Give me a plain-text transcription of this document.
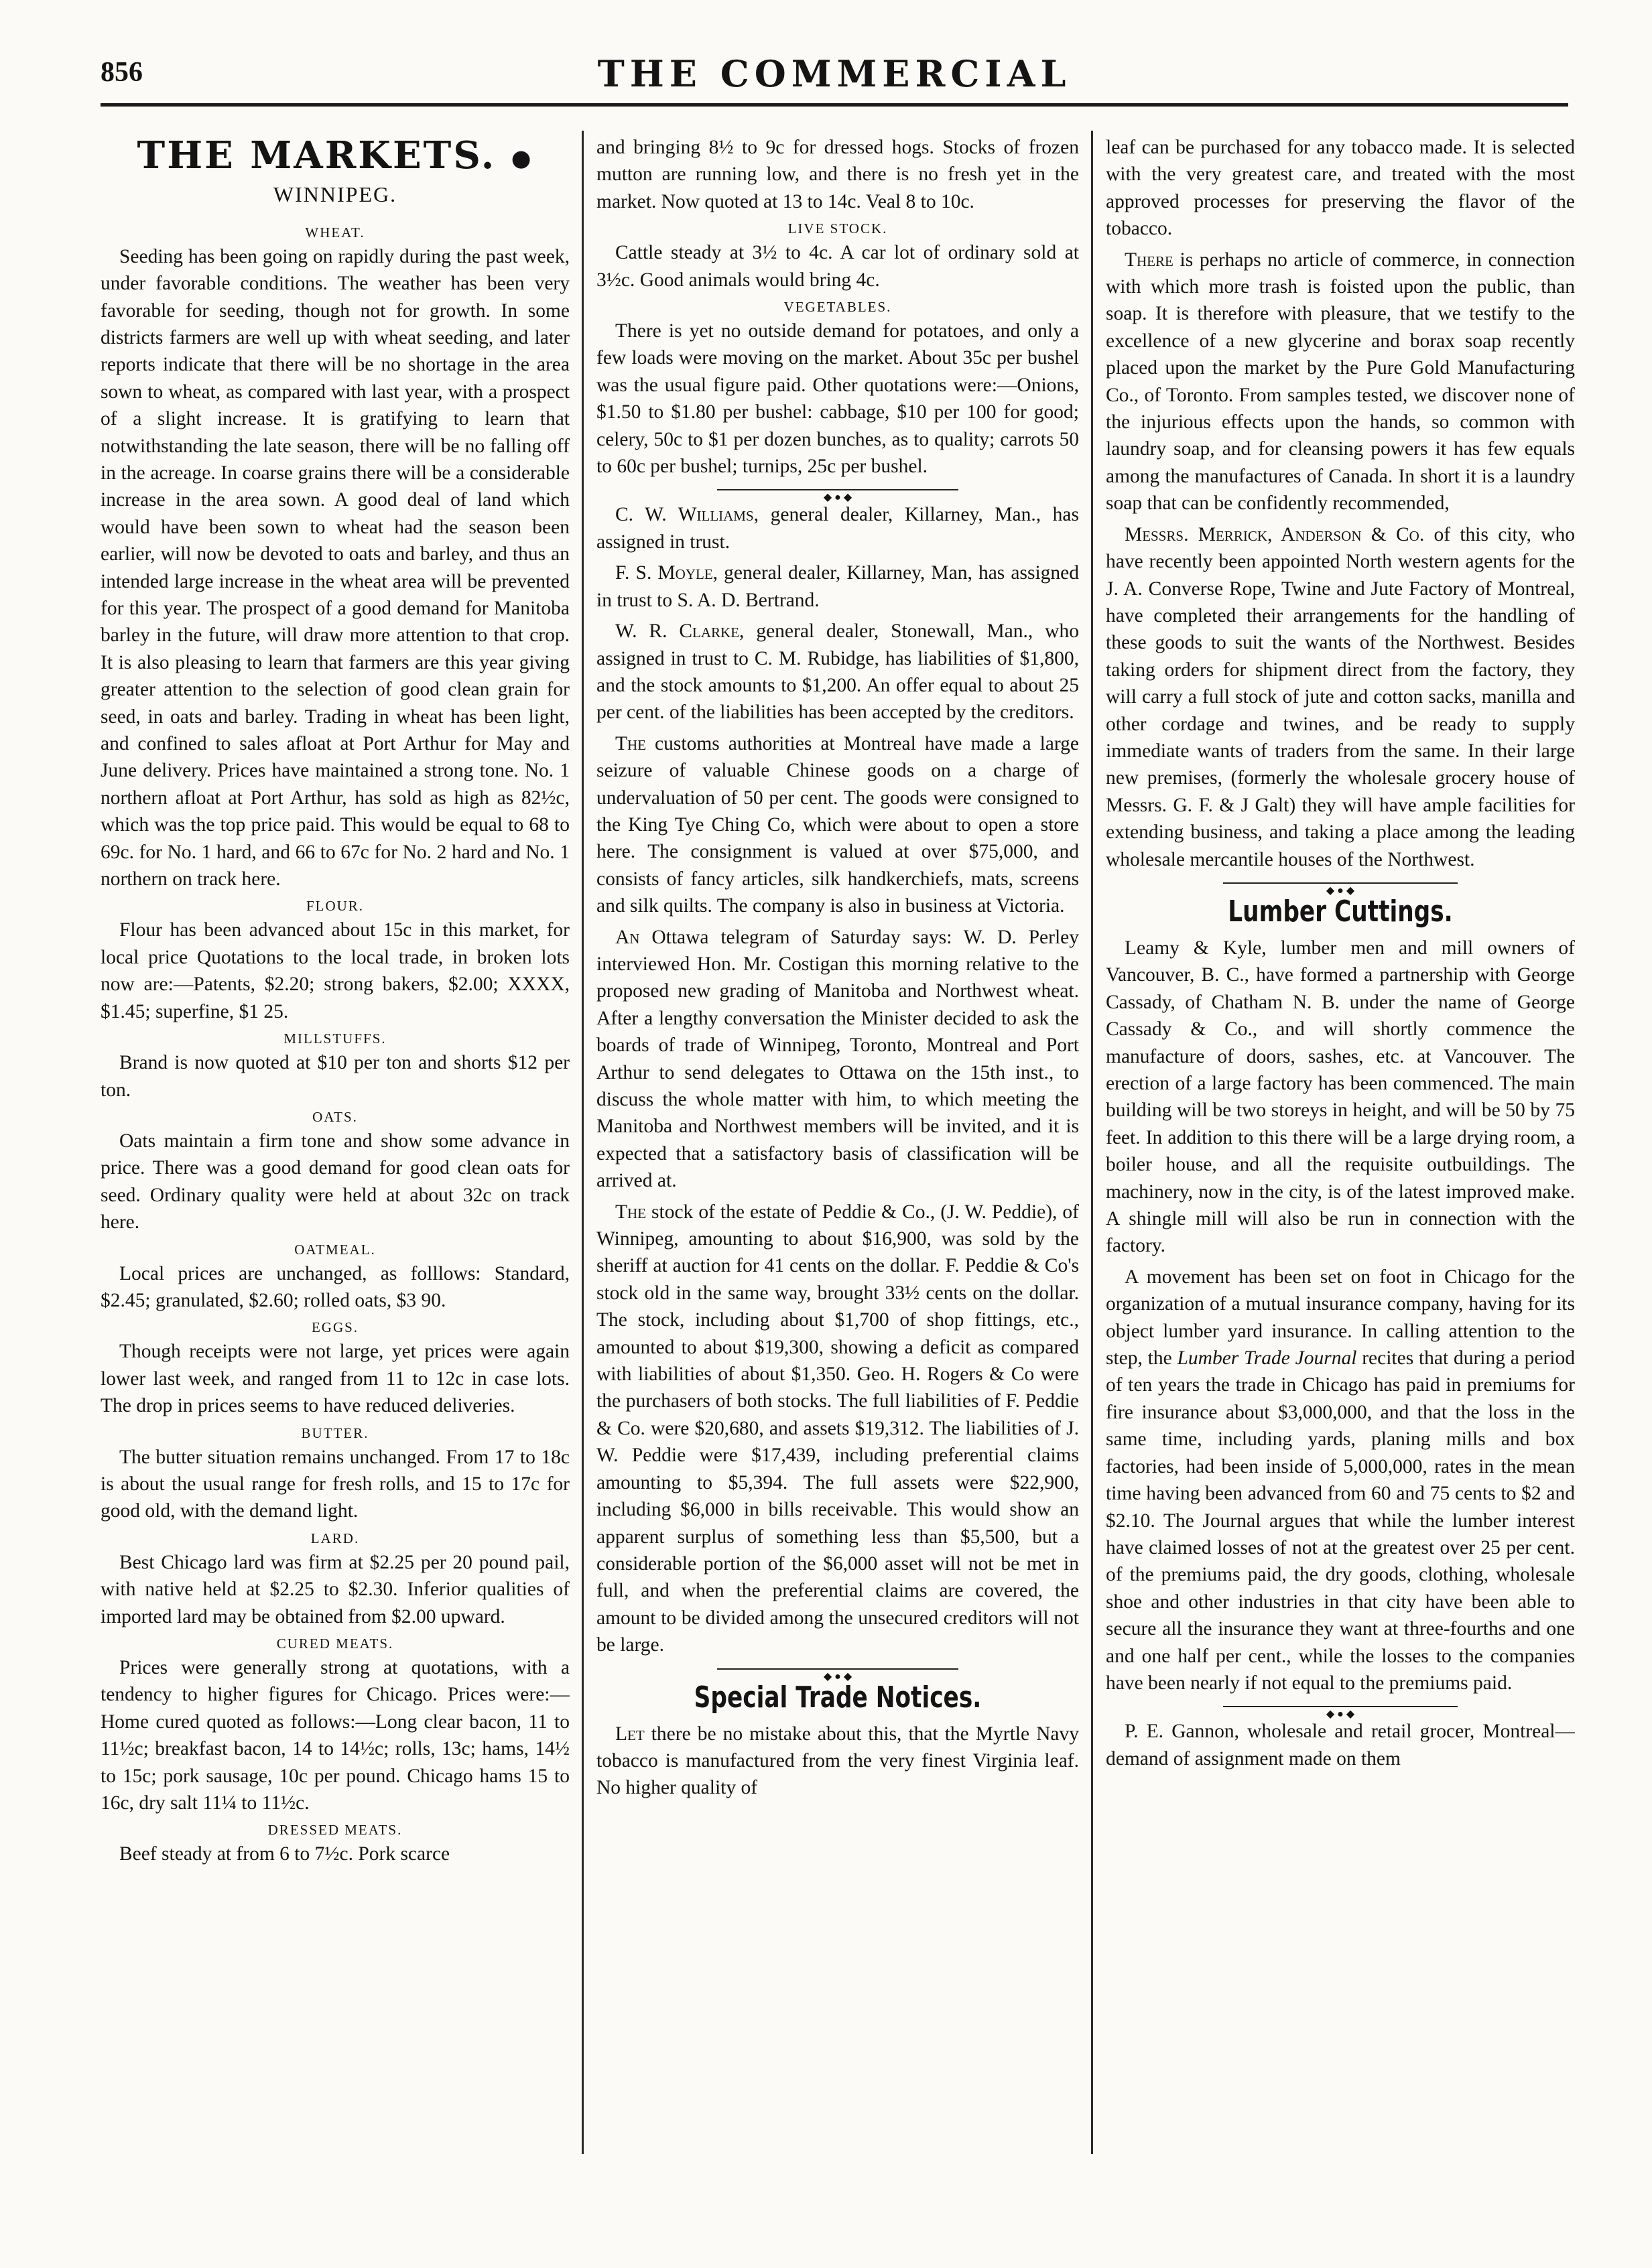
856	THE COMMERCIAL
THE MARKETS. ●
WINNIPEG.
WHEAT.

Seeding has been going on rapidly during the past week, under favorable conditions. The weather has been very favorable for seeding, though not for growth. In some districts farmers are well up with wheat seeding, and later reports indicate that there will be no shortage in the area sown to wheat, as compared with last year, with a prospect of a slight increase. It is gratifying to learn that notwithstanding the late season, there will be no falling off in the acreage. In coarse grains there will be a considerable increase in the area sown. A good deal of land which would have been sown to wheat had the season been earlier, will now be devoted to oats and barley, and thus an intended large increase in the wheat area will be prevented for this year. The prospect of a good demand for Manitoba barley in the future, will draw more attention to that crop. It is also pleasing to learn that farmers are this year giving greater attention to the selection of good clean grain for seed, in oats and barley. Trading in wheat has been light, and confined to sales afloat at Port Arthur for May and June delivery. Prices have maintained a strong tone. No. 1 northern afloat at Port Arthur, has sold as high as 82½c, which was the top price paid. This would be equal to 68 to 69c. for No. 1 hard, and 66 to 67c for No. 2 hard and No. 1 northern on track here.

FLOUR.

Flour has been advanced about 15c in this market, for local price Quotations to the local trade, in broken lots now are:—Patents, $2.20; strong bakers, $2.00; XXXX, $1.45; superfine, $1 25.

MILLSTUFFS.

Brand is now quoted at $10 per ton and shorts $12 per ton.

OATS.

Oats maintain a firm tone and show some advance in price. There was a good demand for good clean oats for seed. Ordinary quality were held at about 32c on track here.

OATMEAL.

Local prices are unchanged, as folllows: Standard, $2.45; granulated, $2.60; rolled oats, $3 90.

EGGS.

Though receipts were not large, yet prices were again lower last week, and ranged from 11 to 12c in case lots. The drop in prices seems to have reduced deliveries.

BUTTER.

The butter situation remains unchanged. From 17 to 18c is about the usual range for fresh rolls, and 15 to 17c for good old, with the demand light.

LARD.

Best Chicago lard was firm at $2.25 per 20 pound pail, with native held at $2.25 to $2.30. Inferior qualities of imported lard may be obtained from $2.00 upward.

CURED MEATS.

Prices were generally strong at quotations, with a tendency to higher figures for Chicago. Prices were:—Home cured quoted as follows:—Long clear bacon, 11 to 11½c; breakfast bacon, 14 to 14½c; rolls, 13c; hams, 14½ to 15c; pork sausage, 10c per pound. Chicago hams 15 to 16c, dry salt 11¼ to 11½c.

DRESSED MEATS.

Beef steady at from 6 to 7½c. Pork scarce

and bringing 8½ to 9c for dressed hogs. Stocks of frozen mutton are running low, and there is no fresh yet in the market. Now quoted at 13 to 14c. Veal 8 to 10c.

LIVE STOCK.

Cattle steady at 3½ to 4c. A car lot of ordinary sold at 3½c. Good animals would bring 4c.

VEGETABLES.

There is yet no outside demand for potatoes, and only a few loads were moving on the market. About 35c per bushel was the usual figure paid. Other quotations were:—Onions, $1.50 to $1.80 per bushel: cabbage, $10 per 100 for good; celery, 50c to $1 per dozen bunches, as to quality; carrots 50 to 60c per bushel; turnips, 25c per bushel.

◆ ● ◆

C. W. Williams, general dealer, Killarney, Man., has assigned in trust.

F. S. Moyle, general dealer, Killarney, Man, has assigned in trust to S. A. D. Bertrand.

W. R. Clarke, general dealer, Stonewall, Man., who assigned in trust to C. M. Rubidge, has liabilities of $1,800, and the stock amounts to $1,200. An offer equal to about 25 per cent. of the liabilities has been accepted by the creditors.

The customs authorities at Montreal have made a large seizure of valuable Chinese goods on a charge of undervaluation of 50 per cent. The goods were consigned to the King Tye Ching Co, which were about to open a store here. The consignment is valued at over $75,000, and consists of fancy articles, silk handkerchiefs, mats, screens and silk quilts. The company is also in business at Victoria.

An Ottawa telegram of Saturday says: W. D. Perley interviewed Hon. Mr. Costigan this morning relative to the proposed new grading of Manitoba and Northwest wheat. After a lengthy conversation the Minister decided to ask the boards of trade of Winnipeg, Toronto, Montreal and Port Arthur to send delegates to Ottawa on the 15th inst., to discuss the whole matter with him, to which meeting the Manitoba and Northwest members will be invited, and it is expected that a satisfactory basis of classification will be arrived at.

The stock of the estate of Peddie & Co., (J. W. Peddie), of Winnipeg, amounting to about $16,900, was sold by the sheriff at auction for 41 cents on the dollar. F. Peddie & Co's stock old in the same way, brought 33½ cents on the dollar. The stock, including about $1,700 of shop fittings, etc., amounted to about $19,300, showing a deficit as compared with liabilities of about $1,350. Geo. H. Rogers & Co were the purchasers of both stocks. The full liabilities of F. Peddie & Co. were $20,680, and assets $19,312. The liabilities of J. W. Peddie were $17,439, including preferential claims amounting to $5,394. The full assets were $22,900, including $6,000 in bills receivable. This would show an apparent surplus of something less than $5,500, but a considerable portion of the $6,000 asset will not be met in full, and when the preferential claims are covered, the amount to be divided among the unsecured creditors will not be large.

◆ ● ◆
Special Trade Notices.

Let there be no mistake about this, that the Myrtle Navy tobacco is manufactured from the very finest Virginia leaf. No higher quality of

leaf can be purchased for any tobacco made. It is selected with the very greatest care, and treated with the most approved processes for preserving the flavor of the tobacco.

There is perhaps no article of commerce, in connection with which more trash is foisted upon the public, than soap. It is therefore with pleasure, that we testify to the excellence of a new glycerine and borax soap recently placed upon the market by the Pure Gold Manufacturing Co., of Toronto. From samples tested, we discover none of the injurious effects upon the hands, so common with laundry soap, and for cleansing powers it has few equals among the manufactures of Canada. In short it is a laundry soap that can be confidently recommended,

Messrs. Merrick, Anderson & Co. of this city, who have recently been appointed North western agents for the J. A. Converse Rope, Twine and Jute Factory of Montreal, have completed their arrangements for the handling of these goods to suit the wants of the Northwest. Besides taking orders for shipment direct from the factory, they will carry a full stock of jute and cotton sacks, manilla and other cordage and twines, and be ready to supply immediate wants of traders from the same. In their large new premises, (formerly the wholesale grocery house of Messrs. G. F. & J Galt) they will have ample facilities for extending business, and taking a place among the leading wholesale mercantile houses of the Northwest.

◆ ● ◆
Lumber Cuttings.

Leamy & Kyle, lumber men and mill owners of Vancouver, B. C., have formed a partnership with George Cassady, of Chatham N. B. under the name of George Cassady & Co., and will shortly commence the manufacture of doors, sashes, etc. at Vancouver. The erection of a large factory has been commenced. The main building will be two storeys in height, and will be 50 by 75 feet. In addition to this there will be a large drying room, a boiler house, and all the requisite outbuildings. The machinery, now in the city, is of the latest improved make. A shingle mill will also be run in connection with the factory.

A movement has been set on foot in Chicago for the organization of a mutual insurance company, having for its object lumber yard insurance. In calling attention to the step, the Lumber Trade Journal recites that during a period of ten years the trade in Chicago has paid in premiums for fire insurance about $3,000,000, and that the loss in the same time, including yards, planing mills and box factories, had been inside of 5,000,000, rates in the mean time having been advanced from 60 and 75 cents to $2 and $2.10. The Journal argues that while the lumber interest have claimed losses of not at the greatest over 25 per cent. of the premiums paid, the dry goods, clothing, wholesale shoe and other industries in that city have been able to secure all the insurance they want at three-fourths and one and one half per cent., while the losses to the companies have been nearly if not equal to the premiums paid.

◆ ● ◆

P. E. Gannon, wholesale and retail grocer, Montreal—demand of assignment made on them
